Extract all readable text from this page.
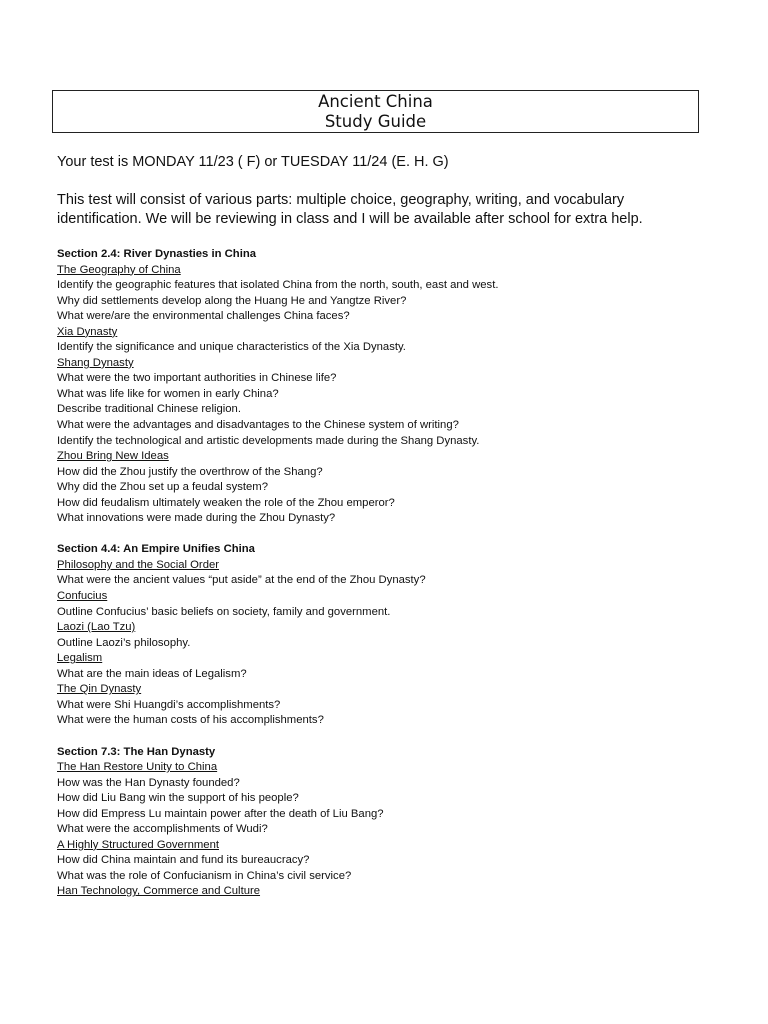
Ancient China
Study Guide

Your test is MONDAY 11/23 ( F) or TUESDAY 11/24 (E. H. G)

This test will consist of various parts: multiple choice, geography, writing, and vocabulary

identification. We will be reviewing in class and I will be available after school for extra help.

Section 2.4: River Dynasties in China
The Geography of China
Identify the geographic features that isolated China from the north, south, east and west.
Why did settlements develop along the Huang He and Yangtze River?
What were/are the environmental challenges China faces?
Xia Dynasty
Identify the significance and unique characteristics of the Xia Dynasty.
Shang Dynasty
What were the two important authorities in Chinese life?
What was life like for women in early China?
Describe traditional Chinese religion.
What were the advantages and disadvantages to the Chinese system of writing?
Identify the technological and artistic developments made during the Shang Dynasty.
Zhou Bring New Ideas
How did the Zhou justify the overthrow of the Shang?
Why did the Zhou set up a feudal system?
How did feudalism ultimately weaken the role of the Zhou emperor?
What innovations were made during the Zhou Dynasty?
Section 4.4: An Empire Unifies China
Philosophy and the Social Order
What were the ancient values “put aside” at the end of the Zhou Dynasty?
Confucius
Outline Confucius’ basic beliefs on society, family and government.
Laozi (Lao Tzu)
Outline Laozi’s philosophy.
Legalism
What are the main ideas of Legalism?
The Qin Dynasty
What were Shi Huangdi’s accomplishments?
What were the human costs of his accomplishments?
Section 7.3: The Han Dynasty
The Han Restore Unity to China
How was the Han Dynasty founded?
How did Liu Bang win the support of his people?
How did Empress Lu maintain power after the death of Liu Bang?
What were the accomplishments of Wudi?
A Highly Structured Government
How did China maintain and fund its bureaucracy?
What was the role of Confucianism in China’s civil service?
Han Technology, Commerce and Culture
